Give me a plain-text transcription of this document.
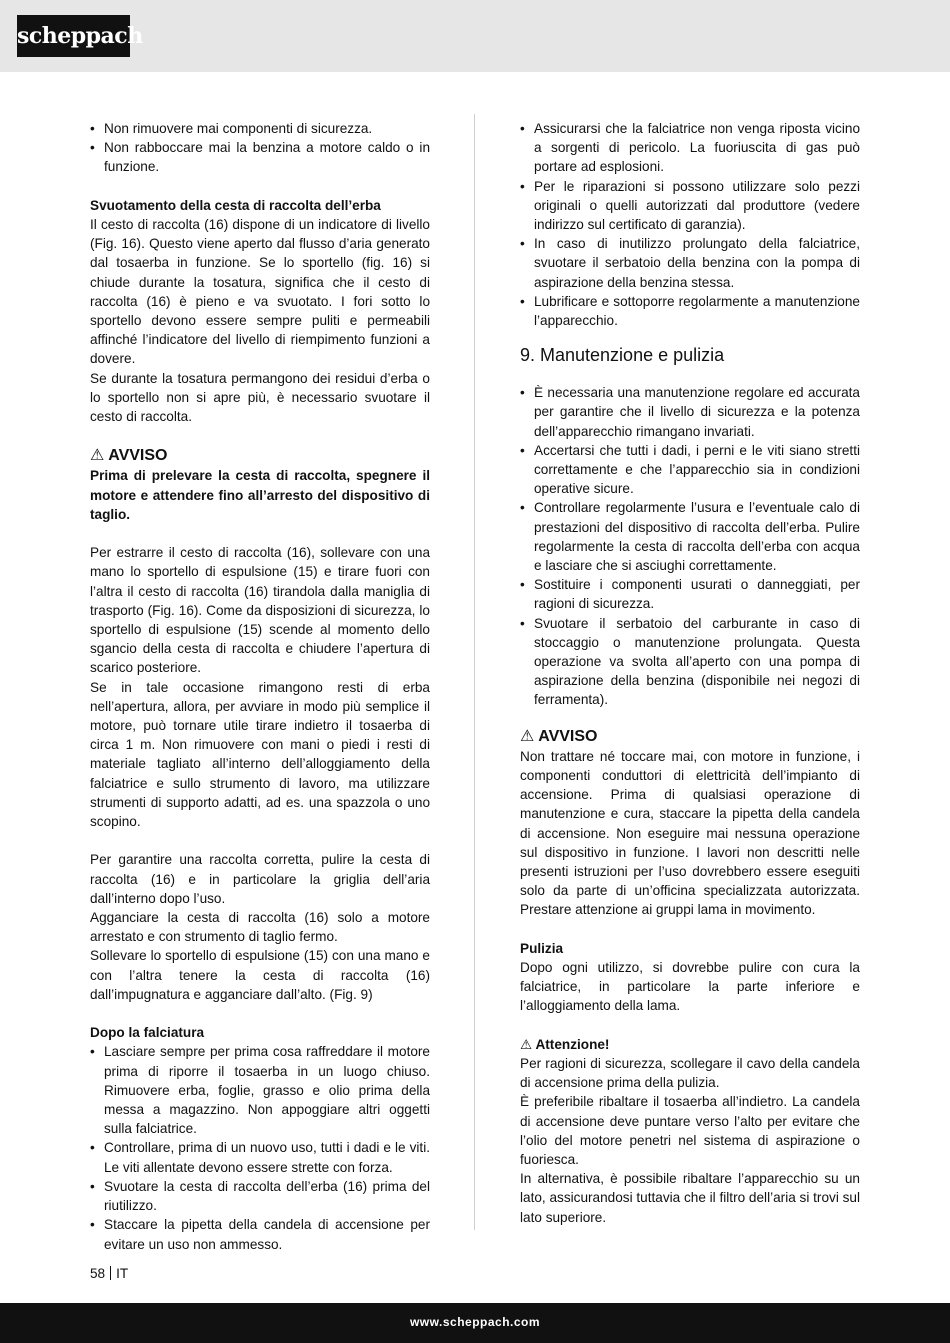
scheppach
• Non rimuovere mai componenti di sicurezza.
• Non rabboccare mai la benzina a motore caldo o in funzione.

Svuotamento della cesta di raccolta dell’erba

Il cesto di raccolta (16) dispone di un indicatore di livello (Fig. 16). Questo viene aperto dal flusso d’aria generato dal tosaerba in funzione. Se lo sportello (fig. 16) si chiude durante la tosatura, significa che il cesto di raccolta (16) è pieno e va svuotato. I fori sotto lo sportello devono essere sempre puliti e permeabili affinché l’indicatore del livello di riempimento funzioni a dovere.

Se durante la tosatura permangono dei residui d’erba o lo sportello non si apre più, è necessario svuotare il cesto di raccolta.

⚠ AVVISO

Prima di prelevare la cesta di raccolta, spegnere il motore e attendere fino all’arresto del dispositivo di taglio.

Per estrarre il cesto di raccolta (16), sollevare con una mano lo sportello di espulsione (15) e tirare fuori con l’altra il cesto di raccolta (16) tirandola dalla maniglia di trasporto (Fig. 16). Come da disposizioni di sicurezza, lo sportello di espulsione (15) scende al momento dello sgancio della cesta di raccolta e chiudere l’apertura di scarico posteriore.

Se in tale occasione rimangono resti di erba nell’apertura, allora, per avviare in modo più semplice il motore, può tornare utile tirare indietro il tosaerba di circa 1 m. Non rimuovere con mani o piedi i resti di materiale tagliato all’interno dell’alloggiamento della falciatrice e sullo strumento di lavoro, ma utilizzare strumenti di supporto adatti, ad es. una spazzola o uno scopino.

Per garantire una raccolta corretta, pulire la cesta di raccolta (16) e in particolare la griglia dell’aria dall’interno dopo l’uso.

Agganciare la cesta di raccolta (16) solo a motore arrestato e con strumento di taglio fermo.

Sollevare lo sportello di espulsione (15) con una mano e con l’altra tenere la cesta di raccolta (16) dall’impugnatura e agganciare dall’alto. (Fig. 9)

Dopo la falciatura

• Lasciare sempre per prima cosa raffreddare il motore prima di riporre il tosaerba in un luogo chiuso. Rimuovere erba, foglie, grasso e olio prima della messa a magazzino. Non appoggiare altri oggetti sulla falciatrice.
• Controllare, prima di un nuovo uso, tutti i dadi e le viti. Le viti allentate devono essere strette con forza.
• Svuotare la cesta di raccolta dell’erba (16) prima del riutilizzo.
• Staccare la pipetta della candela di accensione per evitare un uso non ammesso.
• Assicurarsi che la falciatrice non venga riposta vicino a sorgenti di pericolo. La fuoriuscita di gas può portare ad esplosioni.
• Per le riparazioni si possono utilizzare solo pezzi originali o quelli autorizzati dal produttore (vedere indirizzo sul certificato di garanzia).
• In caso di inutilizzo prolungato della falciatrice, svuotare il serbatoio della benzina con la pompa di aspirazione della benzina stessa.
• Lubrificare e sottoporre regolarmente a manutenzione l’apparecchio.

9. Manutenzione e pulizia

• È necessaria una manutenzione regolare ed accurata per garantire che il livello di sicurezza e la potenza dell’apparecchio rimangano invariati.
• Accertarsi che tutti i dadi, i perni e le viti siano stretti correttamente e che l’apparecchio sia in condizioni operative sicure.
• Controllare regolarmente l’usura e l’eventuale calo di prestazioni del dispositivo di raccolta dell’erba. Pulire regolarmente la cesta di raccolta dell’erba con acqua e lasciare che si asciughi correttamente.
• Sostituire i componenti usurati o danneggiati, per ragioni di sicurezza.
• Svuotare il serbatoio del carburante in caso di stoccaggio o manutenzione prolungata. Questa operazione va svolta all’aperto con una pompa di aspirazione della benzina (disponibile nei negozi di ferramenta).

⚠ AVVISO

Non trattare né toccare mai, con motore in funzione, i componenti conduttori di elettricità dell’impianto di accensione. Prima di qualsiasi operazione di manutenzione e cura, staccare la pipetta della candela di accensione. Non eseguire mai nessuna operazione sul dispositivo in funzione. I lavori non descritti nelle presenti istruzioni per l’uso dovrebbero essere eseguiti solo da parte di un’officina specializzata autorizzata. Prestare attenzione ai gruppi lama in movimento.

Pulizia

Dopo ogni utilizzo, si dovrebbe pulire con cura la falciatrice, in particolare la parte inferiore e l’alloggiamento della lama.

⚠ Attenzione!

Per ragioni di sicurezza, scollegare il cavo della candela di accensione prima della pulizia.

È preferibile ribaltare il tosaerba all’indietro. La candela di accensione deve puntare verso l’alto per evitare che l’olio del motore penetri nel sistema di aspirazione o fuoriesca.

In alternativa, è possibile ribaltare l’apparecchio su un lato, assicurandosi tuttavia che il filtro dell’aria si trovi sul lato superiore.

58 IT
www.scheppach.com
